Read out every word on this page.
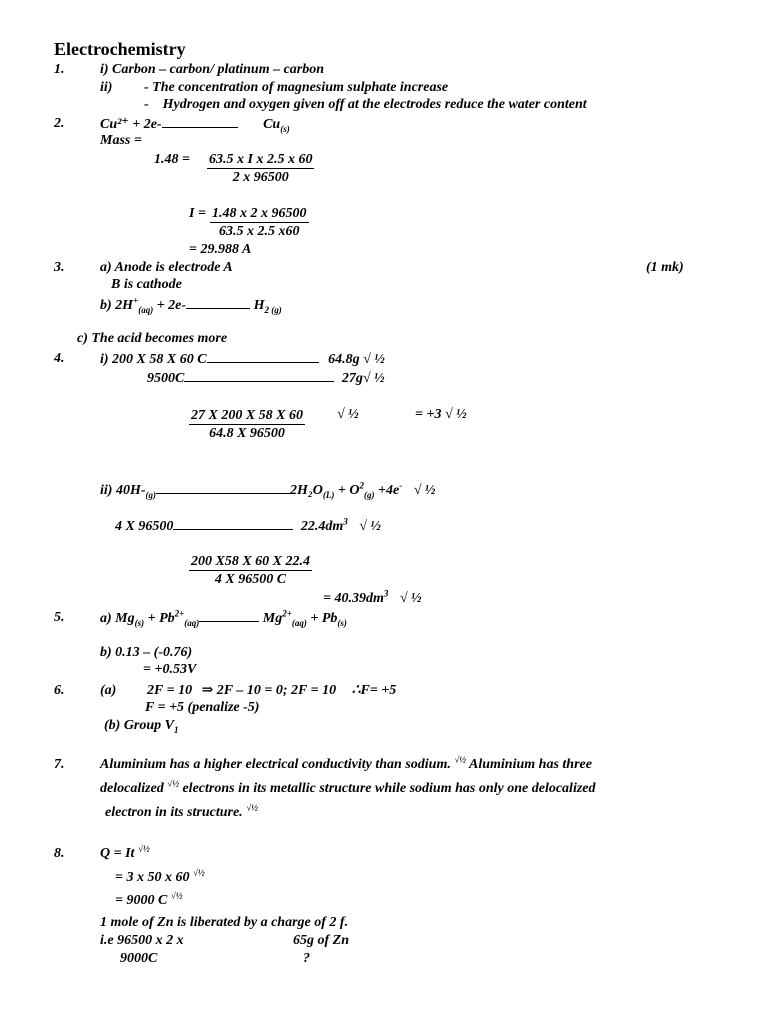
Electrochemistry
1.	i) Carbon – carbon/ platinum – carbon
ii) - The concentration of magnesium sulphate increase
-    Hydrogen and oxygen given off at the electrodes reduce the water content
2.	Cu²⁺ + 2e-	$Cu_{(s)}$
Mass =
$1.48 = \frac{\text{63.5 x I x 2.5 x 60}}{2 x 96500}$
$I = \frac{1.48 x 2 x 96500}{63.5 x 2.5 x60}$
= 29.988 A
3.	a) Anode is electrode A	(1 mk)
B is cathode
b) $2H^+_{(aq)} + 2e-$	$H_{2 (g)}$
c) The acid becomes more
4.	i) 200 X 58 X 60 C	64.8g √ ½
9500C	27g√ ½
$\frac{27 X 200 X 58 X 60}{64.8 X 96500}$ √ ½	= +3 √ ½
ii) $40H-_{(g)}$	$2H_2O_{(L)} + O^2_{(g)} +4e^-$ √ ½
4 X 96500	$22.4dm^3$ √ ½
$\frac{200 X58 X 60 X 22.4}{4 X 96500 C}$
= $40.39dm^3$ √ ½
5.	a) $Mg_{(s)} + Pb^{2+}_{(aq)}$	$Mg^{2+}_{(aq)} + Pb_{(s)}$
b) 0.13 – (-0.76)
= +0.53V
6.	(a) 2F = 10 ⇒ 2F – 10 = 0; 2F = 10 ∴F= +5
F = +5 (penalize -5)
(b) Group $V_1$
7.	Aluminium has a higher electrical conductivity than sodium. $^{√\frac{1}{2}}$ Aluminium has three
delocalized $^{√\frac{1}{2}}$ electrons in its metallic structure while sodium has only one delocalized
electron in its structure. $^{√\frac{1}{2}}$
8.	Q = It $^{√\frac{1}{2}}$
= 3 x 50 x 60 $^{√\frac{1}{2}}$
= 9000 C $^{√\frac{1}{2}}$
1 mole of Zn is liberated by a charge of 2 f.
i.e 96500 x 2 x	65g of Zn
9000C	?
